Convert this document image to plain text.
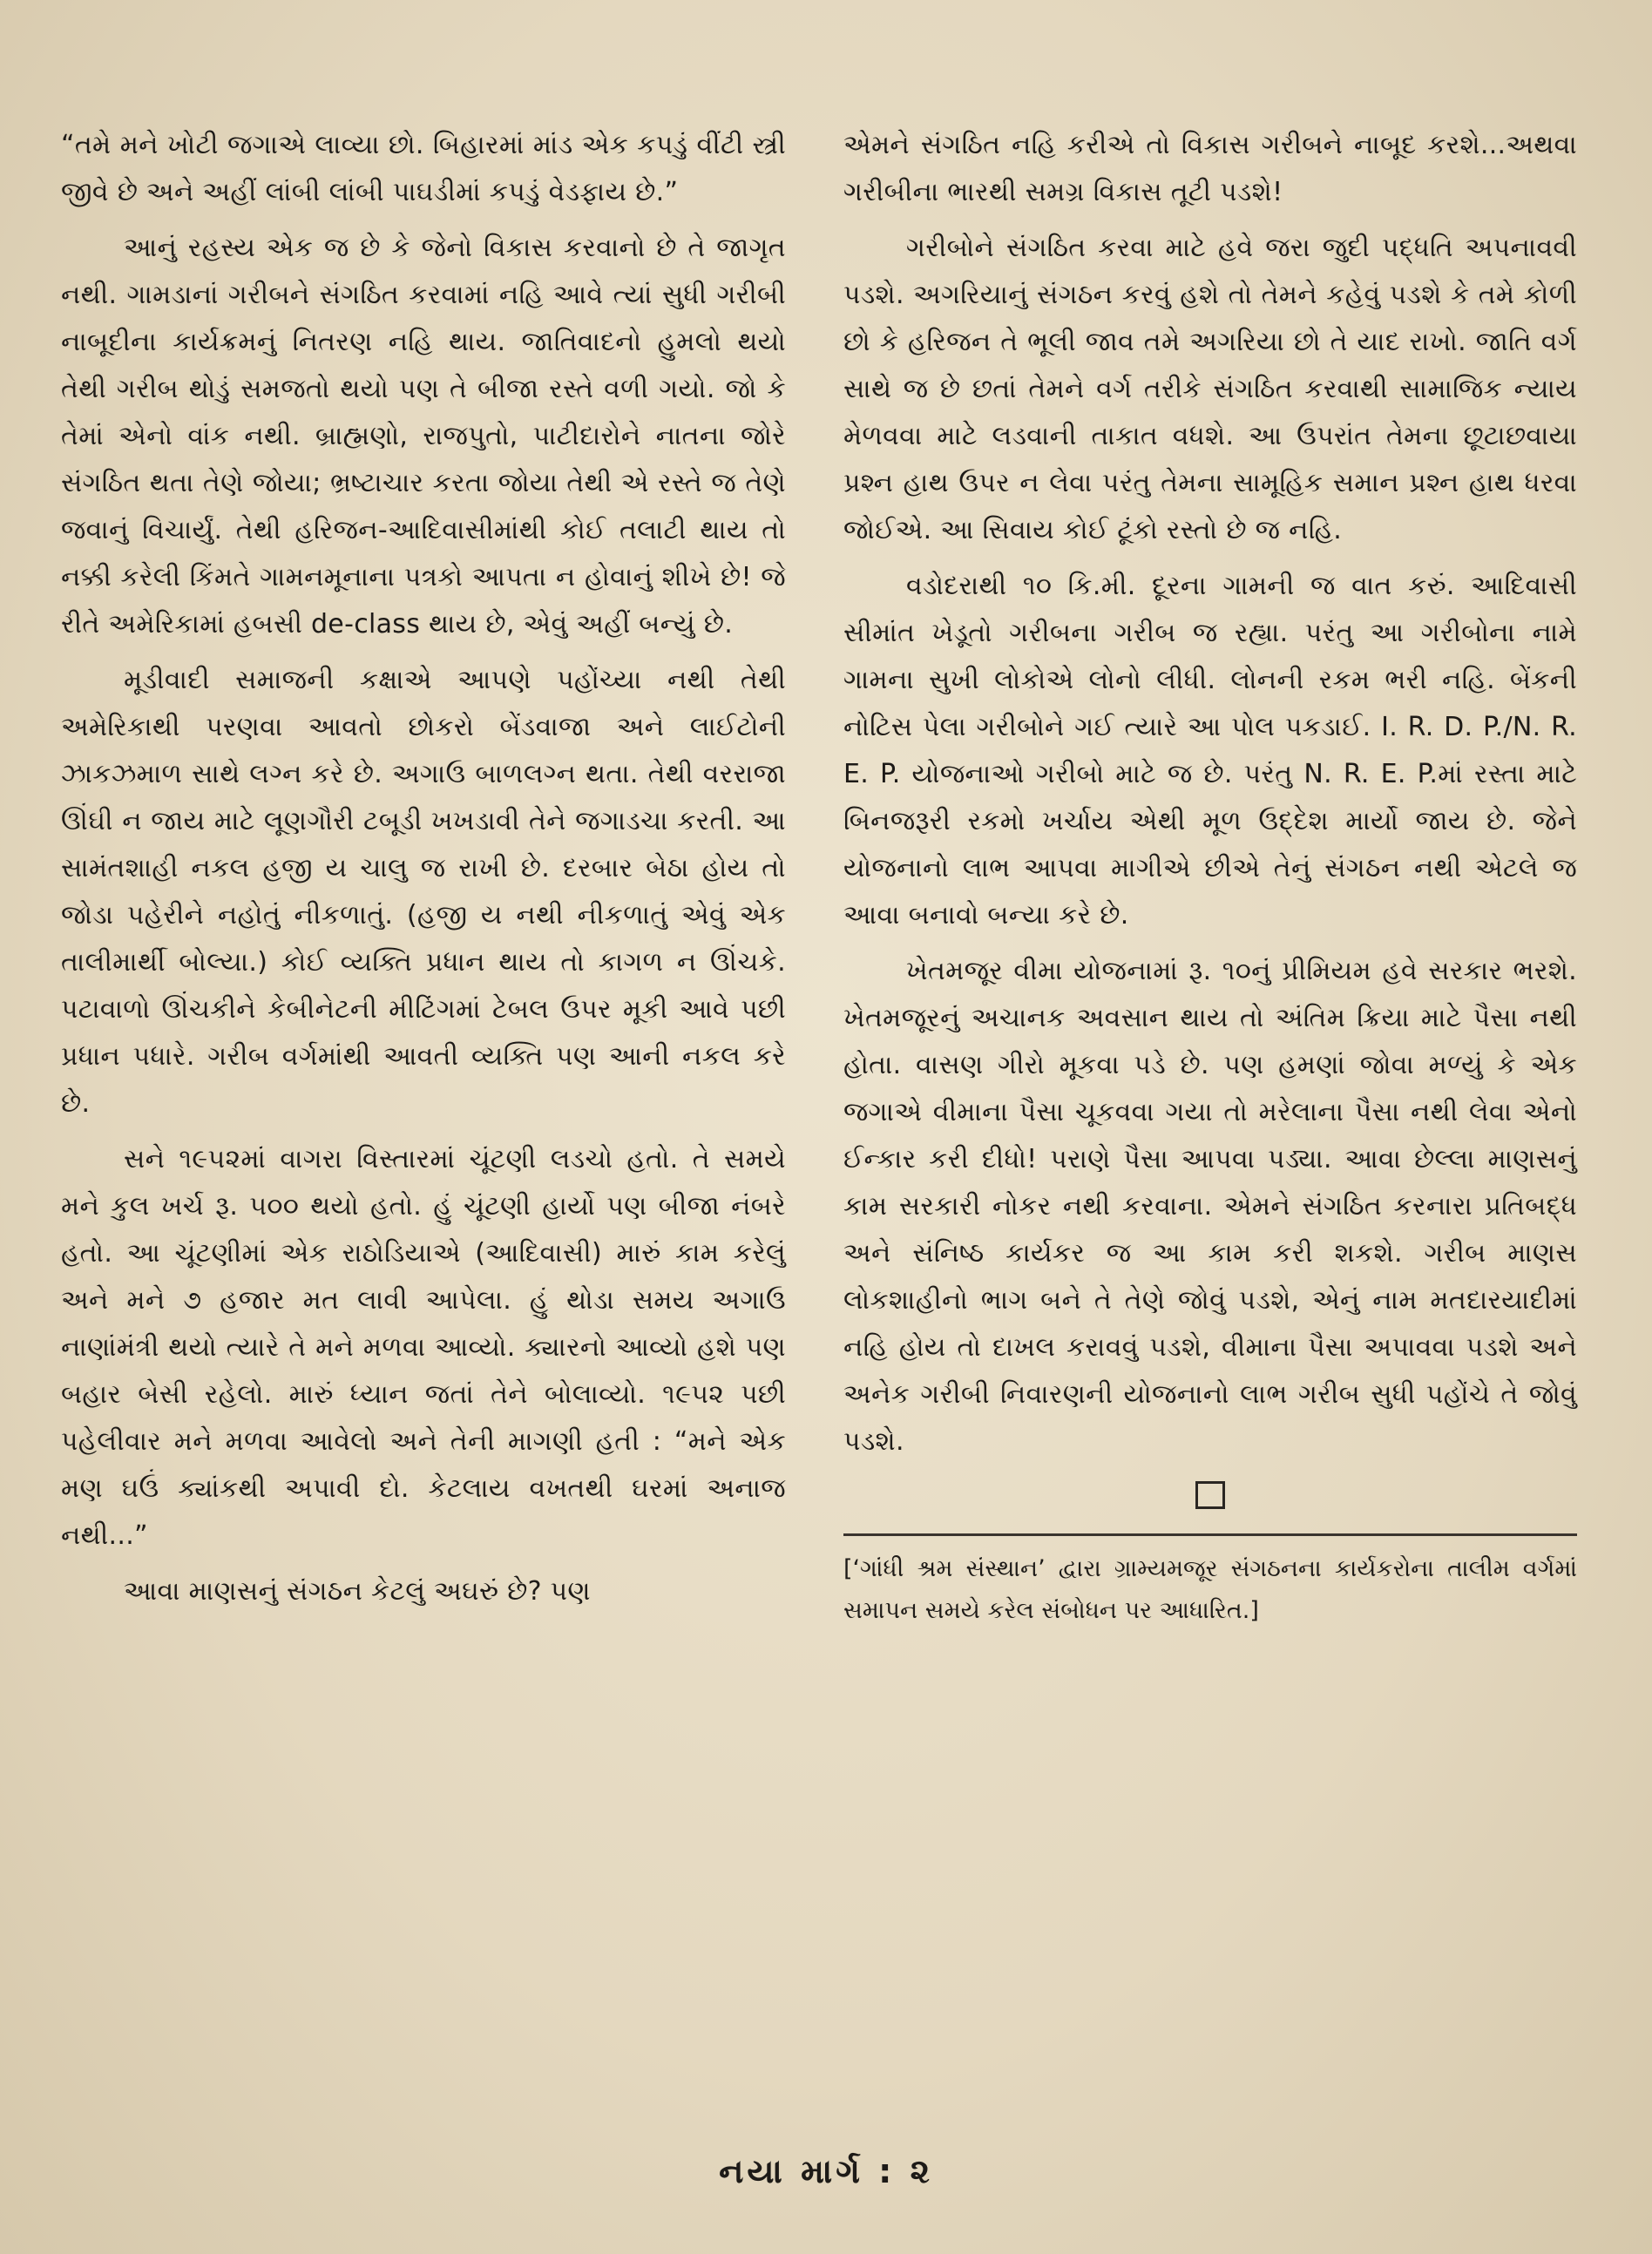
“તમે મને ખોટી જગાએ લાવ્યા છો. બિહારમાં માંડ એક કપડું વીંટી સ્ત્રી જીવે છે અને અહીં લાંબી લાંબી પાઘડીમાં કપડું વેડફાય છે.”

આનું રહસ્ય એક જ છે કે જેનો વિકાસ કરવાનો છે તે જાગૃત નથી. ગામડાનાં ગરીબને સંગઠિત કરવામાં નહિ આવે ત્યાં સુધી ગરીબી નાબૂદીના કાર્યક્રમનું નિતરણ નહિ થાય. જાતિવાદનો હુમલો થયો તેથી ગરીબ થોડું સમજતો થયો પણ તે બીજા રસ્તે વળી ગયો. જો કે તેમાં એનો વાંક નથી. બ્રાહ્મણો, રાજપુતો, પાટીદારોને નાતના જોરે સંગઠિત થતા તેણે જોયા; ભ્રષ્ટાચાર કરતા જોયા તેથી એ રસ્તે જ તેણે જવાનું વિચાર્યું. તેથી હરિજન-આદિવાસીમાંથી કોઈ તલાટી થાય તો નક્કી કરેલી કિંમતે ગામનમૂનાના પત્રકો આપતા ન હોવાનું શીખે છે! જે રીતે અમેરિકામાં હબસી de-class થાય છે, એવું અહીં બન્યું છે.

મૂડીવાદી સમાજની કક્ષાએ આપણે પહોંચ્યા નથી તેથી અમેરિકાથી પરણવા આવતો છોકરો બેંડવાજા અને લાઈટોની ઝાકઝમાળ સાથે લગ્ન કરે છે. અગાઉ બાળલગ્ન થતા. તેથી વરરાજા ઊંઘી ન જાય માટે લૂણગૌરી ટબૂડી ખખડાવી તેને જગાડચા કરતી. આ સામંતશાહી નકલ હજી ય ચાલુ જ રાખી છે. દરબાર બેઠા હોય તો જોડા પહેરીને નહોતું નીકળાતું. (હજી ય નથી નીકળાતું એવું એક તાલીમાર્થી બોલ્યા.) કોઈ વ્યક્તિ પ્રધાન થાય તો કાગળ ન ઊંચકે. પટાવાળો ઊંચકીને કેબીનેટની મીટિંગમાં ટેબલ ઉપર મૂકી આવે પછી પ્રધાન પધારે. ગરીબ વર્ગમાંથી આવતી વ્યક્તિ પણ આની નકલ કરે છે.

સને ૧૯૫૨માં વાગરા વિસ્તારમાં ચૂંટણી લડચો હતો. તે સમયે મને કુલ ખર્ચ રૂ. ૫૦૦ થયો હતો. હું ચૂંટણી હાર્યો પણ બીજા નંબરે હતો. આ ચૂંટણીમાં એક રાઠોડિયાએ (આદિવાસી) મારું કામ કરેલું અને મને ૭ હજાર મત લાવી આપેલા. હું થોડા સમય અગાઉ નાણાંમંત્રી થયો ત્યારે તે મને મળવા આવ્યો. ક્યારનો આવ્યો હશે પણ બહાર બેસી રહેલો. મારું ધ્યાન જતાં તેને બોલાવ્યો. ૧૯૫૨ પછી પહેલીવાર મને મળવા આવેલો અને તેની માગણી હતી : “મને એક મણ ઘઉં ક્યાંકથી અપાવી દો. કેટલાય વખતથી ઘરમાં અનાજ નથી...”

આવા માણસનું સંગઠન કેટલું અઘરું છે? પણ

એમને સંગઠિત નહિ કરીએ તો વિકાસ ગરીબને નાબૂદ કરશે...અથવા ગરીબીના ભારથી સમગ્ર વિકાસ તૂટી પડશે!

ગરીબોને સંગઠિત કરવા માટે હવે જરા જુદી પદ્ધતિ અપનાવવી પડશે. અગરિયાનું સંગઠન કરવું હશે તો તેમને કહેવું પડશે કે તમે કોળી છો કે હરિજન તે ભૂલી જાવ તમે અગરિયા છો તે યાદ રાખો. જાતિ વર્ગ સાથે જ છે છતાં તેમને વર્ગ તરીકે સંગઠિત કરવાથી સામાજિક ન્યાય મેળવવા માટે લડવાની તાકાત વધશે. આ ઉપરાંત તેમના છૂટાછવાયા પ્રશ્ન હાથ ઉપર ન લેવા પરંતુ તેમના સામૂહિક સમાન પ્રશ્ન હાથ ધરવા જોઈએ. આ સિવાય કોઈ ટૂંકો રસ્તો છે જ નહિ.

વડોદરાથી ૧૦ કિ.મી. દૂરના ગામની જ વાત કરું. આદિવાસી સીમાંત ખેડૂતો ગરીબના ગરીબ જ રહ્યા. પરંતુ આ ગરીબોના નામે ગામના સુખી લોકોએ લોનો લીધી. લોનની રકમ ભરી નહિ. બેંકની નોટિસ પેલા ગરીબોને ગઈ ત્યારે આ પોલ પકડાઈ. I. R. D. P./N. R. E. P. યોજનાઓ ગરીબો માટે જ છે. પરંતુ N. R. E. P.માં રસ્તા માટે બિનજરૂરી રકમો ખર્ચાય એથી મૂળ ઉદ્દેશ માર્યો જાય છે. જેને યોજનાનો લાભ આપવા માગીએ છીએ તેનું સંગઠન નથી એટલે જ આવા બનાવો બન્યા કરે છે.

ખેતમજૂર વીમા યોજનામાં રૂ. ૧૦નું પ્રીમિયમ હવે સરકાર ભરશે. ખેતમજૂરનું અચાનક અવસાન થાય તો અંતિમ ક્રિયા માટે પૈસા નથી હોતા. વાસણ ગીરો મૂકવા પડે છે. પણ હમણાં જોવા મળ્યું કે એક જગાએ વીમાના પૈસા ચૂકવવા ગયા તો મરેલાના પૈસા નથી લેવા એનો ઈન્કાર કરી દીધો! પરાણે પૈસા આપવા પડ્યા. આવા છેલ્લા માણસનું કામ સરકારી નોકર નથી કરવાના. એમને સંગઠિત કરનારા પ્રતિબદ્ધ અને સંનિષ્ઠ કાર્યકર જ આ કામ કરી શકશે. ગરીબ માણસ લોકશાહીનો ભાગ બને તે તેણે જોવું પડશે, એનું નામ મતદારયાદીમાં નહિ હોય તો દાખલ કરાવવું પડશે, વીમાના પૈસા અપાવવા પડશે અને અનેક ગરીબી નિવારણની યોજનાનો લાભ ગરીબ સુધી પહોંચે તે જોવું પડશે.

[‘ગાંધી શ્રમ સંસ્થાન’ દ્વારા ગ્રામ્યમજૂર સંગઠનના કાર્યકરોના તાલીમ વર્ગમાં સમાપન સમયે કરેલ સંબોધન પર આધારિત.]

નયા માર્ગ : ૨
